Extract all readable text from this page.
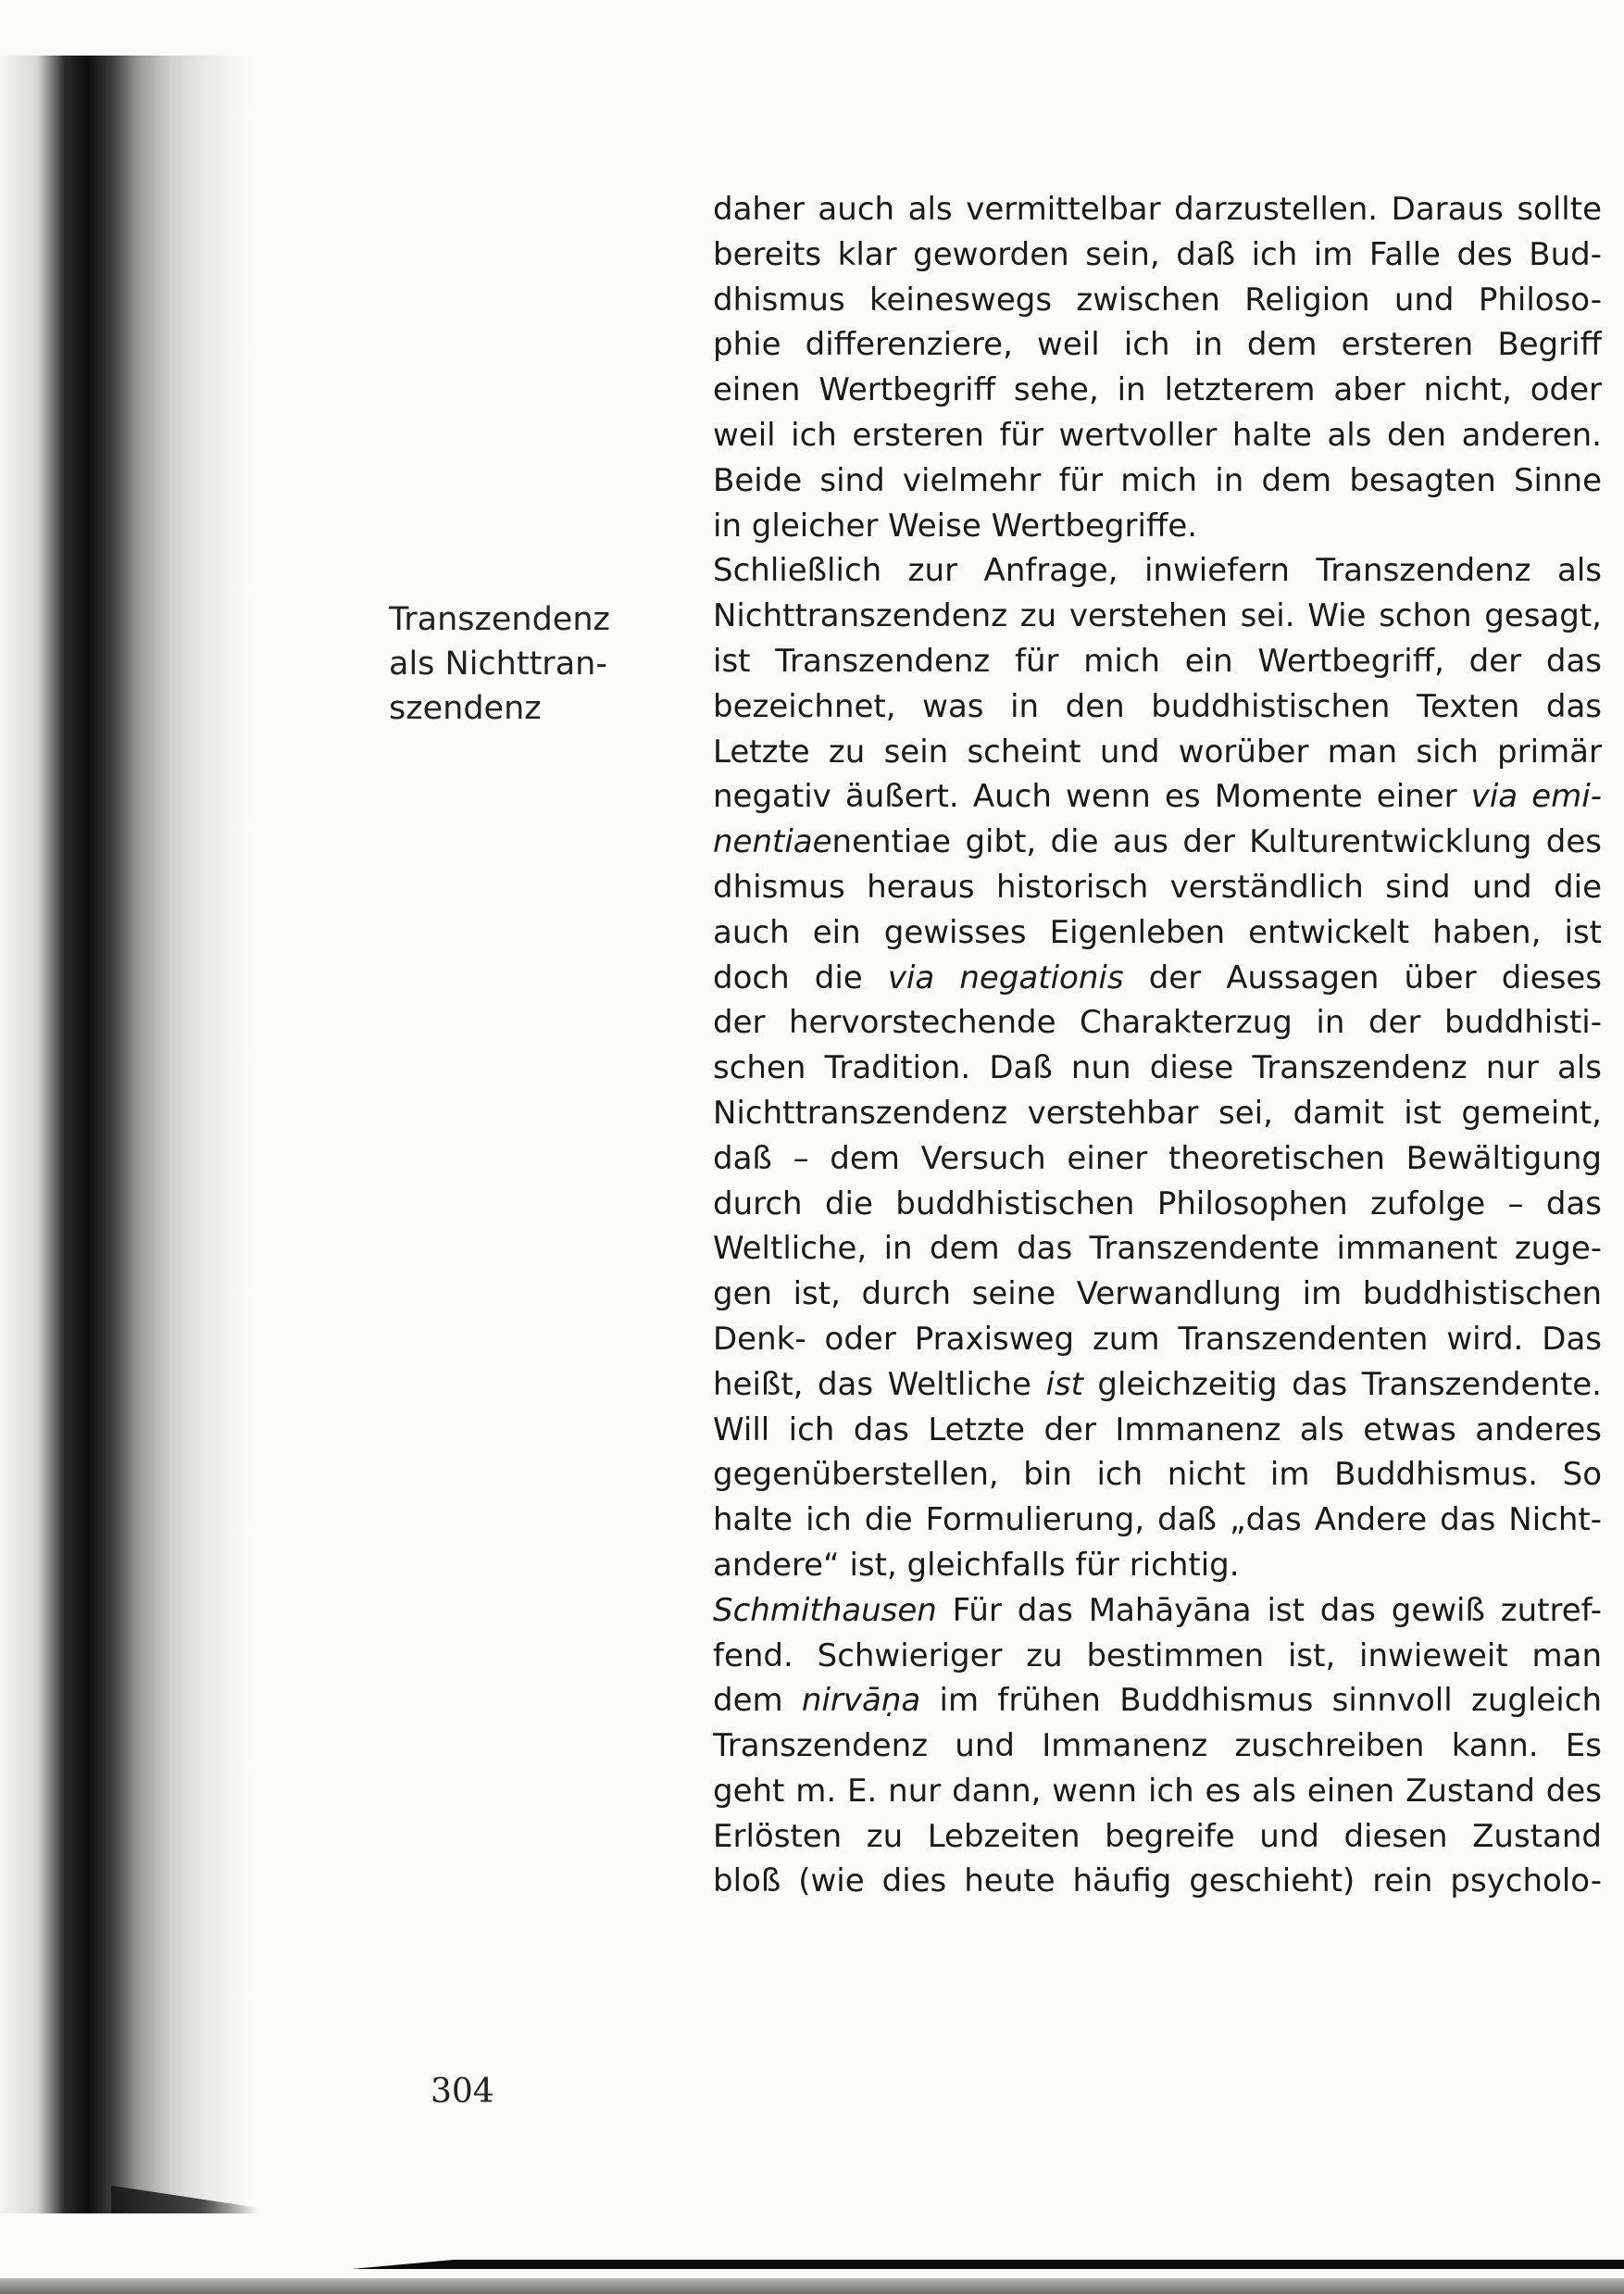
Transzendenz
als Nichttran-
szendenz
daher auch als vermittelbar darzustellen. Daraus sollte
bereits klar geworden sein, daß ich im Falle des Bud-
dhismus keineswegs zwischen Religion und Philoso-
phie differenziere, weil ich in dem ersteren Begriff
einen Wertbegriff sehe, in letzterem aber nicht, oder
weil ich ersteren für wertvoller halte als den anderen.
Beide sind vielmehr für mich in dem besagten Sinne
in gleicher Weise Wertbegriffe.
Schließlich zur Anfrage, inwiefern Transzendenz als
Nichttranszendenz zu verstehen sei. Wie schon gesagt,
ist Transzendenz für mich ein Wertbegriff, der das
bezeichnet, was in den buddhistischen Texten das
Letzte zu sein scheint und worüber man sich primär
negativ äußert. Auch wenn es Momente einer via emi-
nentiaenentiae gibt, die aus der Kulturentwicklung des
dhismus heraus historisch verständlich sind und die
auch ein gewisses Eigenleben entwickelt haben, ist
doch die via negationis der Aussagen über dieses
der hervorstechende Charakterzug in der buddhisti-
schen Tradition. Daß nun diese Transzendenz nur als
Nichttranszendenz verstehbar sei, damit ist gemeint,
daß – dem Versuch einer theoretischen Bewältigung
durch die buddhistischen Philosophen zufolge – das
Weltliche, in dem das Transzendente immanent zuge-
gen ist, durch seine Verwandlung im buddhistischen
Denk- oder Praxisweg zum Transzendenten wird. Das
heißt, das Weltliche ist gleichzeitig das Transzendente.
Will ich das Letzte der Immanenz als etwas anderes
gegenüberstellen, bin ich nicht im Buddhismus. So
halte ich die Formulierung, daß „das Andere das Nicht-
andere“ ist, gleichfalls für richtig.
Schmithausen Für das Mahāyāna ist das gewiß zutref-
fend. Schwieriger zu bestimmen ist, inwieweit man
dem nirvāṇa im frühen Buddhismus sinnvoll zugleich
Transzendenz und Immanenz zuschreiben kann. Es
geht m. E. nur dann, wenn ich es als einen Zustand des
Erlösten zu Lebzeiten begreife und diesen Zustand
bloß (wie dies heute häufig geschieht) rein psycholo-
304
